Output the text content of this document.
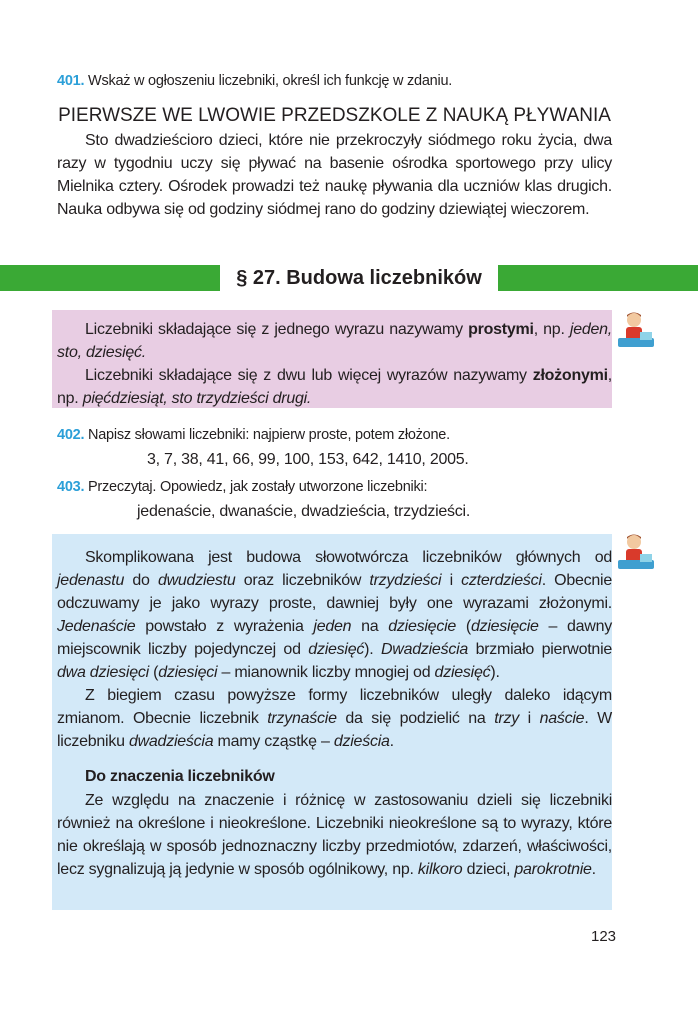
401. Wskaż w ogłoszeniu liczebniki, określ ich funkcję w zdaniu.
PIERWSZE WE LWOWIE PRZEDSZKOLE Z NAUKĄ PŁYWANIA
Sto dwadzieścioro dzieci, które nie przekroczyły siódmego roku życia, dwa razy w tygodniu uczy się pływać na basenie ośrodka sportowego przy ulicy Mielnika cztery. Ośrodek prowadzi też naukę pływania dla uczniów klas drugich. Nauka odbywa się od godziny siódmej rano do godziny dziewiątej wieczorem.
§ 27. Budowa liczebników
Liczebniki składające się z jednego wyrazu nazywamy prostymi, np. jeden, sto, dziesięć.
Liczebniki składające się z dwu lub więcej wyrazów nazywamy złożonymi, np. pięćdziesiąt, sto trzydzieści drugi.
402. Napisz słowami liczebniki: najpierw proste, potem złożone.
3, 7, 38, 41, 66, 99, 100, 153, 642, 1410, 2005.
403. Przeczytaj. Opowiedz, jak zostały utworzone liczebniki:
jedenaście, dwanaście, dwadzieścia, trzydzieści.
Skomplikowana jest budowa słowotwórcza liczebników głównych od jedenastu do dwudziestu oraz liczebników trzydzieści i czterdzieści. Obecnie odczuwamy je jako wyrazy proste, dawniej były one wyrazami złożonymi. Jedenaście powstało z wyrażenia jeden na dziesięcie (dziesięcie – dawny miejscownik liczby pojedynczej od dziesięć). Dwadzieścia brzmiało pierwotnie dwa dziesięci (dziesięci – mianownik liczby mnogiej od dziesięć).
Z biegiem czasu powyższe formy liczebników uległy daleko idącym zmianom. Obecnie liczebnik trzynaście da się podzielić na trzy i naście. W liczebniku dwadzieścia mamy cząstkę – dzieścia.
Do znaczenia liczebników
Ze względu na znaczenie i różnicę w zastosowaniu dzieli się liczebniki również na określone i nieokreślone. Liczebniki nieokreślone są to wyrazy, które nie określają w sposób jednoznaczny liczby przedmiotów, zdarzeń, właściwości, lecz sygnalizują ją jedynie w sposób ogólnikowy, np. kilkoro dzieci, parokrotnie.
123
